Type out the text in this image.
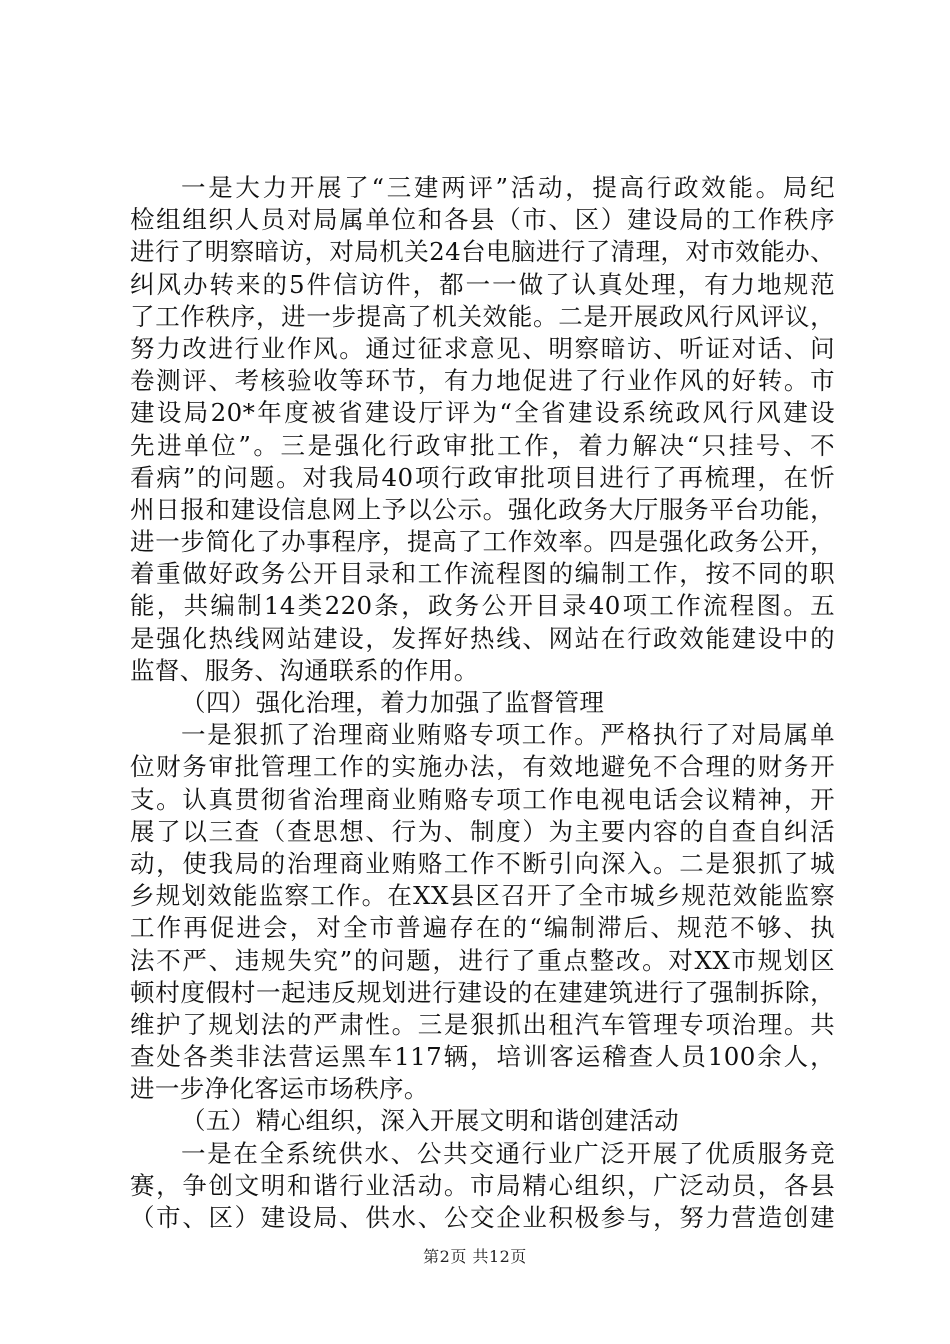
一是大力开展了“三建两评”活动，提高行政效能。局纪
检组组织人员对局属单位和各县（市、区）建设局的工作秩序
进行了明察暗访，对局机关24台电脑进行了清理，对市效能办、
纠风办转来的5件信访件，都一一做了认真处理，有力地规范
了工作秩序，进一步提高了机关效能。二是开展政风行风评议，
努力改进行业作风。通过征求意见、明察暗访、听证对话、问
卷测评、考核验收等环节，有力地促进了行业作风的好转。市
建设局20*年度被省建设厅评为“全省建设系统政风行风建设
先进单位”。三是强化行政审批工作，着力解决“只挂号、不
看病”的问题。对我局40项行政审批项目进行了再梳理，在忻
州日报和建设信息网上予以公示。强化政务大厅服务平台功能，
进一步简化了办事程序，提高了工作效率。四是强化政务公开，
着重做好政务公开目录和工作流程图的编制工作，按不同的职
能，共编制14类220条，政务公开目录40项工作流程图。五
是强化热线网站建设，发挥好热线、网站在行政效能建设中的
监督、服务、沟通联系的作用。
（四）强化治理，着力加强了监督管理
一是狠抓了治理商业贿赂专项工作。严格执行了对局属单
位财务审批管理工作的实施办法，有效地避免不合理的财务开
支。认真贯彻省治理商业贿赂专项工作电视电话会议精神，开
展了以三查（查思想、行为、制度）为主要内容的自查自纠活
动，使我局的治理商业贿赂工作不断引向深入。二是狠抓了城
乡规划效能监察工作。在XX县区召开了全市城乡规范效能监察
工作再促进会，对全市普遍存在的“编制滞后、规范不够、执
法不严、违规失究”的问题，进行了重点整改。对XX市规划区
顿村度假村一起违反规划进行建设的在建建筑进行了强制拆除，
维护了规划法的严肃性。三是狠抓出租汽车管理专项治理。共
查处各类非法营运黑车117辆，培训客运稽查人员100余人，
进一步净化客运市场秩序。
（五）精心组织，深入开展文明和谐创建活动
一是在全系统供水、公共交通行业广泛开展了优质服务竞
赛，争创文明和谐行业活动。市局精心组织，广泛动员，各县
（市、区）建设局、供水、公交企业积极参与，努力营造创建
第2页 共12页
